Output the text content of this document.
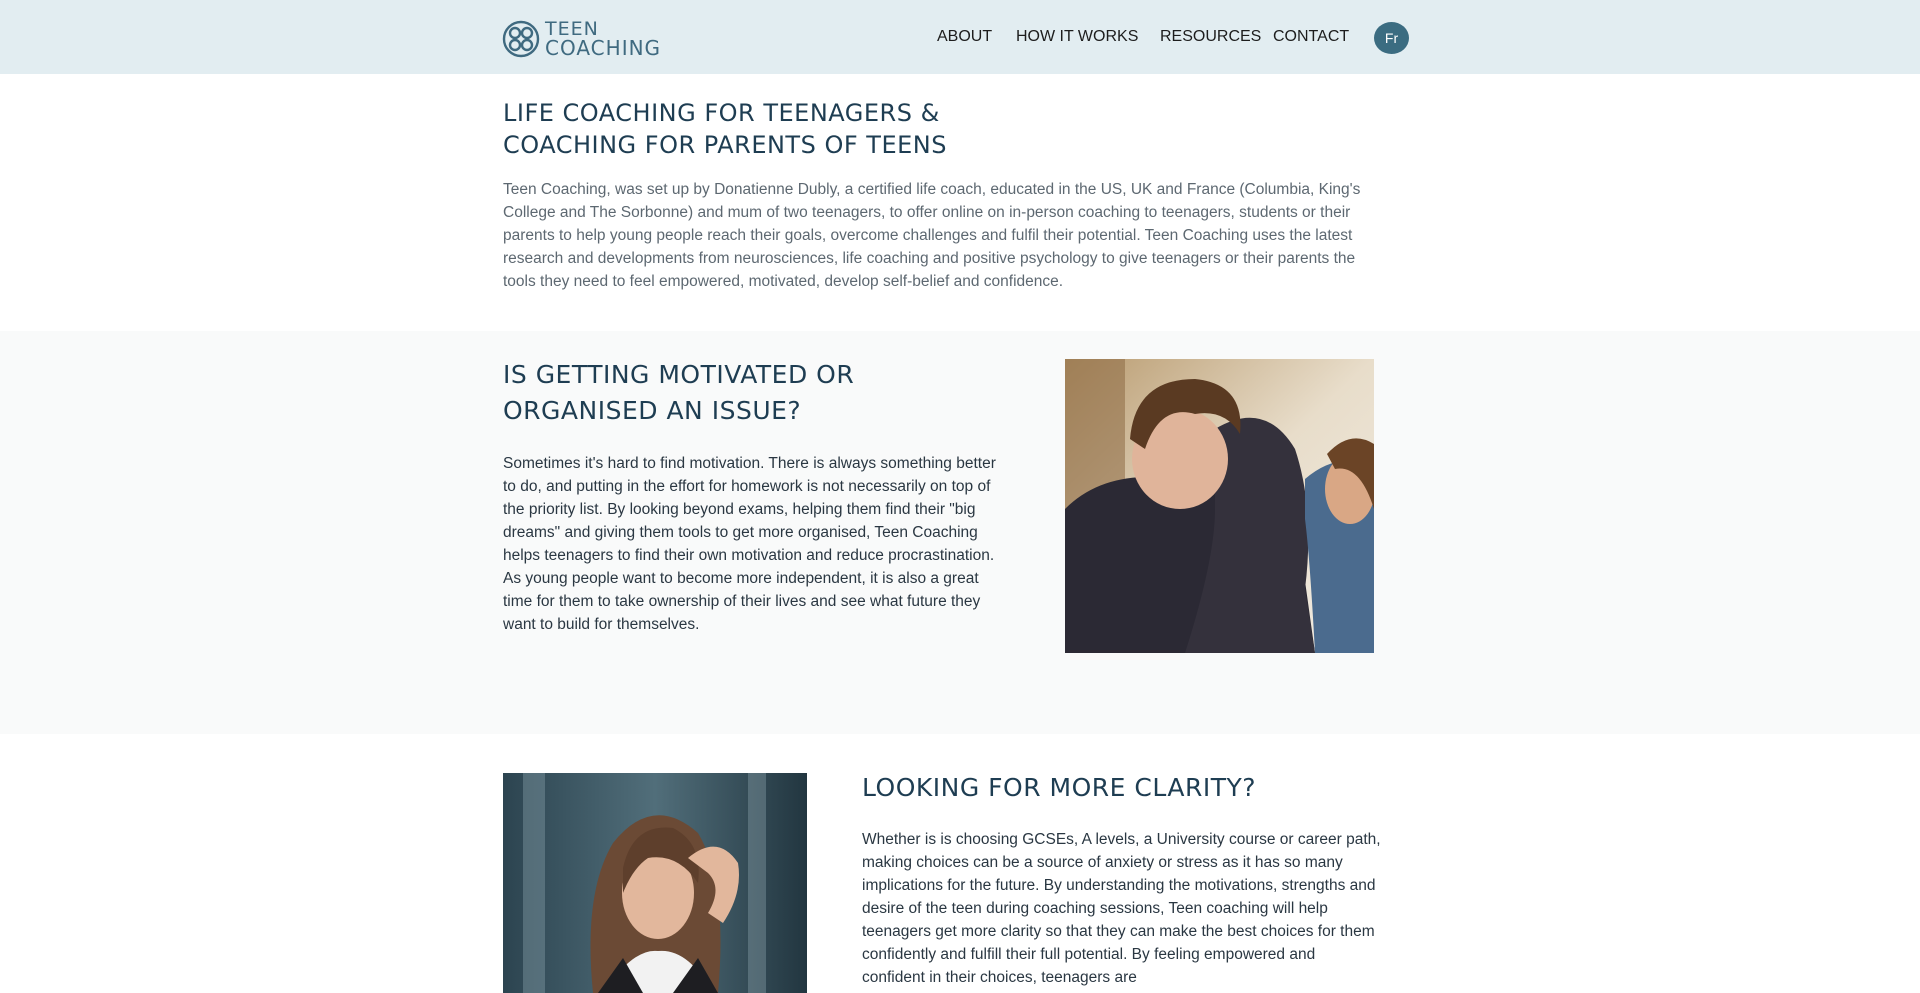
TEEN
COACHING	ABOUT HOW IT WORKS RESOURCES CONTACT	Fr
LIFE COACHING FOR TEENAGERS & COACHING FOR PARENTS OF TEENS

Teen Coaching, was set up by Donatienne Dubly, a certified life coach, educated in the US, UK and France (Columbia, King's College and The Sorbonne) and mum of two teenagers, to offer online on in-person coaching to teenagers, students or their parents to help young people reach their goals, overcome challenges and fulfil their potential. Teen Coaching uses the latest research and developments from neurosciences, life coaching and positive psychology to give teenagers or their parents the tools they need to feel empowered, motivated, develop self-belief and confidence.

IS GETTING MOTIVATED OR ORGANISED AN ISSUE?

Sometimes it's hard to find motivation. There is always something better to do, and putting in the effort for homework is not necessarily on top of the priority list. By looking beyond exams, helping them find their "big dreams" and giving them tools to get more organised, Teen Coaching helps teenagers to find their own motivation and reduce procrastination. As young people want to become more independent, it is also a great time for them to take ownership of their lives and see what future they want to build for themselves.

LOOKING FOR MORE CLARITY?

Whether is is choosing GCSEs, A levels, a University course or career path, making choices can be a source of anxiety or stress as it has so many implications for the future. By understanding the motivations, strengths and desire of the teen during coaching sessions, Teen coaching will help teenagers get more clarity so that they can make the best choices for them confidently and fulfill their full potential. By feeling empowered and confident in their choices, teenagers are
